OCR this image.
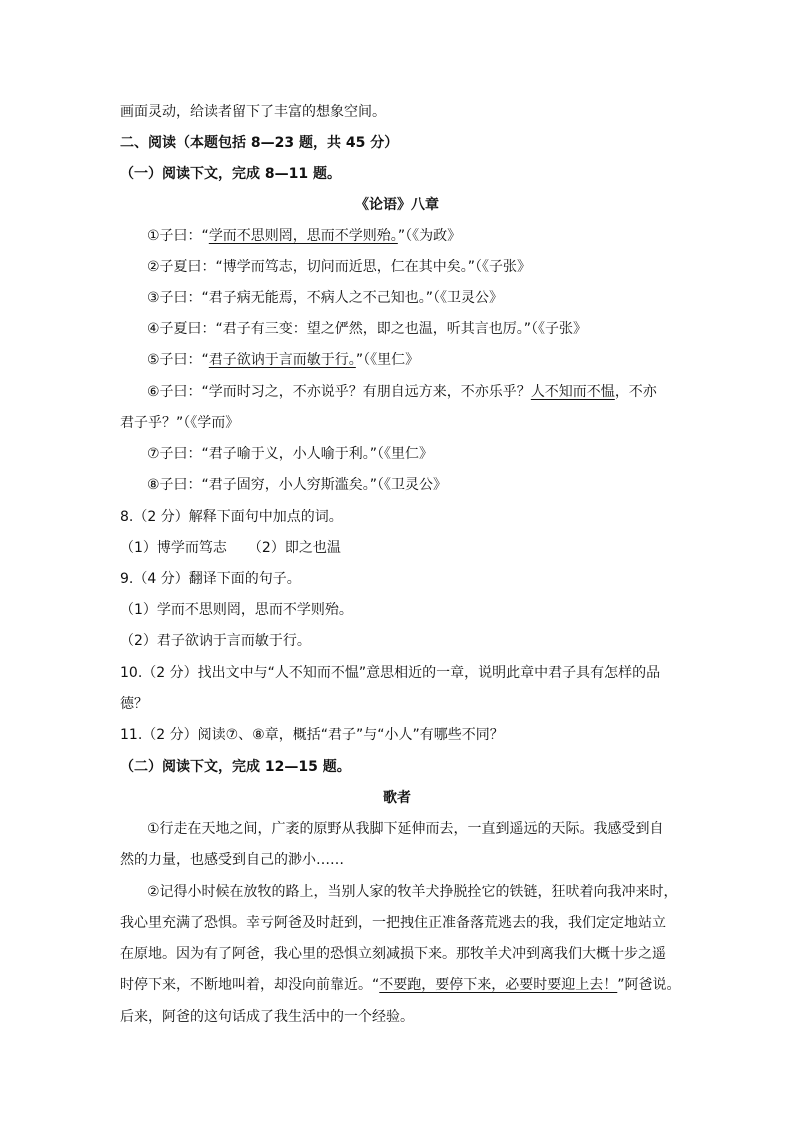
画面灵动，给读者留下了丰富的想象空间。
二、阅读（本题包括 8—23 题，共 45 分）
（一）阅读下文，完成 8—11 题。
《论语》八章
①子曰：“学而不思则罔，思而不学则殆。”（《为政》
②子夏曰：“博学而笃志，切问而近思，仁在其中矣。”（《子张》
③子曰：“君子病无能焉，不病人之不己知也。”（《卫灵公》
④子夏曰：“君子有三变：望之俨然，即之也温，听其言也厉。”（《子张》
⑤子曰：“君子欲讷于言而敏于行。”（《里仁》
⑥子曰：“学而时习之，不亦说乎？有朋自远方来，不亦乐乎？人不知而不愠，不亦
君子乎？”（《学而》
⑦子曰：“君子喻于义，小人喻于利。”（《里仁》
⑧子曰：“君子固穷，小人穷斯滥矣。”（《卫灵公》
8.（2 分）解释下面句中加点的词。
（1）博学而笃志　　（2）即之也温
9.（4 分）翻译下面的句子。
（1）学而不思则罔，思而不学则殆。
（2）君子欲讷于言而敏于行。
10.（2 分）找出文中与“人不知而不愠”意思相近的一章，说明此章中君子具有怎样的品
德？
11.（2 分）阅读⑦、⑧章，概括“君子”与“小人”有哪些不同？
（二）阅读下文，完成 12—15 题。
歌者
①行走在天地之间，广袤的原野从我脚下延伸而去，一直到遥远的天际。我感受到自
然的力量，也感受到自己的渺小……
②记得小时候在放牧的路上，当别人家的牧羊犬挣脱拴它的铁链，狂吠着向我冲来时，
我心里充满了恐惧。幸亏阿爸及时赶到，一把拽住正准备落荒逃去的我，我们定定地站立
在原地。因为有了阿爸，我心里的恐惧立刻减损下来。那牧羊犬冲到离我们大概十步之遥
时停下来，不断地叫着，却没向前靠近。“不要跑，要停下来，必要时要迎上去！”阿爸说。
后来，阿爸的这句话成了我生活中的一个经验。
